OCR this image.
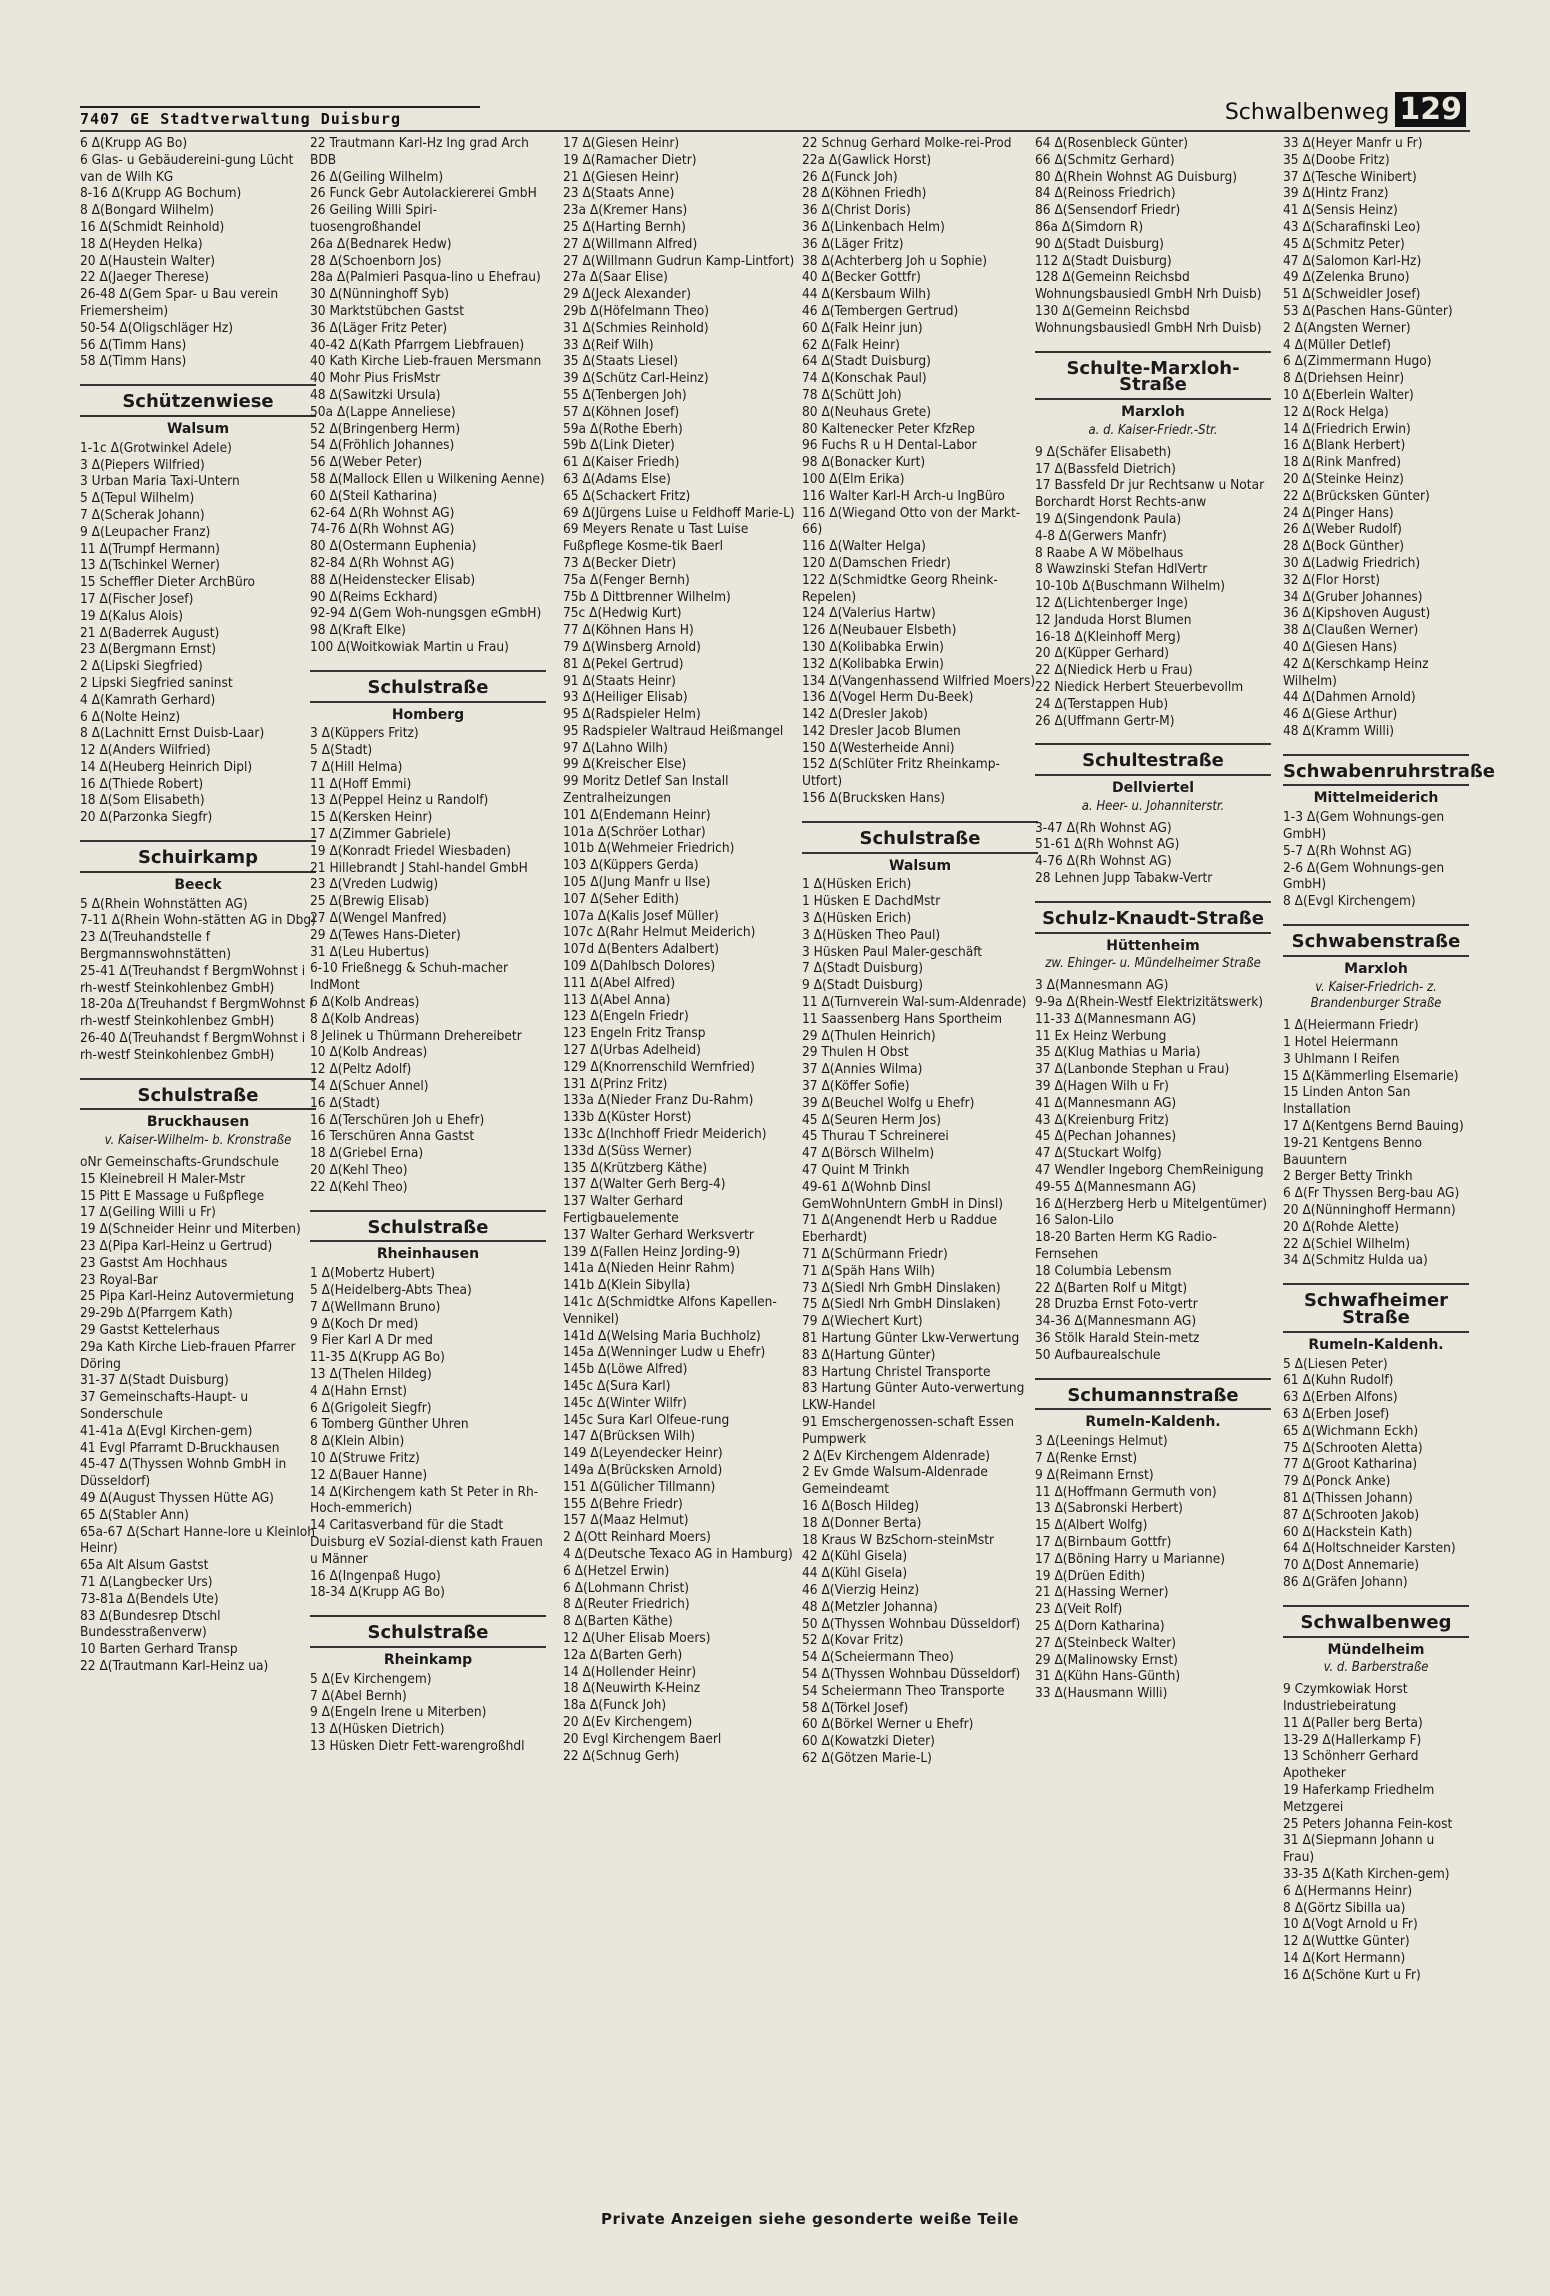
7407 GE Stadtverwaltung Duisburg	Schwalbenweg 129
6 Δ(Krupp AG Bo)
6 Glas- u Gebäudereini-gung Lücht van de Wilh KG
8-16 Δ(Krupp AG Bochum)
8 Δ(Bongard Wilhelm)
16 Δ(Schmidt Reinhold)
18 Δ(Heyden Helka)
20 Δ(Haustein Walter)
22 Δ(Jaeger Therese)
26-48 Δ(Gem Spar- u Bau verein Friemersheim)
50-54 Δ(Oligschläger Hz)
56 Δ(Timm Hans)
58 Δ(Timm Hans)
Schützenwiese
Walsum
1-1c Δ(Grotwinkel Adele)
3 Δ(Piepers Wilfried)
3 Urban Maria Taxi-Untern
5 Δ(Tepul Wilhelm)
7 Δ(Scherak Johann)
9 Δ(Leupacher Franz)
11 Δ(Trumpf Hermann)
13 Δ(Tschinkel Werner)
15 Scheffler Dieter ArchBüro
17 Δ(Fischer Josef)
19 Δ(Kalus Alois)
21 Δ(Baderrek August)
23 Δ(Bergmann Ernst)
2 Δ(Lipski Siegfried)
2 Lipski Siegfried saninst
4 Δ(Kamrath Gerhard)
6 Δ(Nolte Heinz)
8 Δ(Lachnitt Ernst Duisb-Laar)
12 Δ(Anders Wilfried)
14 Δ(Heuberg Heinrich Dipl)
16 Δ(Thiede Robert)
18 Δ(Som Elisabeth)
20 Δ(Parzonka Siegfr)
Schuirkamp
Beeck
5 Δ(Rhein Wohnstätten AG)
7-11 Δ(Rhein Wohn-stätten AG in Dbg)
23 Δ(Treuhandstelle f Bergmannswohnstätten)
25-41 Δ(Treuhandst f BergmWohnst i rh-westf Steinkohlenbez GmbH)
18-20a Δ(Treuhandst f BergmWohnst i rh-westf Steinkohlenbez GmbH)
26-40 Δ(Treuhandst f BergmWohnst i rh-westf Steinkohlenbez GmbH)
Schulstraße
Bruckhausen
v. Kaiser-Wilhelm- b. Kronstraße
oNr Gemeinschafts-Grundschule
15 Kleinebreil H Maler-Mstr
15 Pitt E Massage u Fußpflege
17 Δ(Geiling Willi u Fr)
19 Δ(Schneider Heinr und Miterben)
23 Δ(Pipa Karl-Heinz u Gertrud)
23 Gastst Am Hochhaus
23 Royal-Bar
25 Pipa Karl-Heinz Autovermietung
29-29b Δ(Pfarrgem Kath)
29 Gastst Kettelerhaus
29a Kath Kirche Lieb-frauen Pfarrer Döring
31-37 Δ(Stadt Duisburg)
37 Gemeinschafts-Haupt- u Sonderschule
41-41a Δ(Evgl Kirchen-gem)
41 Evgl Pfarramt D-Bruckhausen
45-47 Δ(Thyssen Wohnb GmbH in Düsseldorf)
49 Δ(August Thyssen Hütte AG)
65 Δ(Stabler Ann)
65a-67 Δ(Schart Hanne-lore u Kleinloh Heinr)
65a Alt Alsum Gastst
71 Δ(Langbecker Urs)
73-81a Δ(Bendels Ute)
83 Δ(Bundesrep Dtschl Bundesstraßenverw)
10 Barten Gerhard Transp
22 Δ(Trautmann Karl-Heinz ua)
22 Trautmann Karl-Hz Ing grad Arch BDB
26 Δ(Geiling Wilhelm)
26 Funck Gebr Autolackiererei GmbH
26 Geiling Willi Spiri-tuosengroßhandel
26a Δ(Bednarek Hedw)
28 Δ(Schoenborn Jos)
28a Δ(Palmieri Pasqua-lino u Ehefrau)
30 Δ(Nünninghoff Syb)
30 Marktstübchen Gastst
36 Δ(Läger Fritz Peter)
40-42 Δ(Kath Pfarrgem Liebfrauen)
40 Kath Kirche Lieb-frauen Mersmann
40 Mohr Pius FrisMstr
48 Δ(Sawitzki Ursula)
50a Δ(Lappe Anneliese)
52 Δ(Bringenberg Herm)
54 Δ(Fröhlich Johannes)
56 Δ(Weber Peter)
58 Δ(Mallock Ellen u Wilkening Aenne)
60 Δ(Steil Katharina)
62-64 Δ(Rh Wohnst AG)
74-76 Δ(Rh Wohnst AG)
80 Δ(Ostermann Euphenia)
82-84 Δ(Rh Wohnst AG)
88 Δ(Heidenstecker Elisab)
90 Δ(Reims Eckhard)
92-94 Δ(Gem Woh-nungsgen eGmbH)
98 Δ(Kraft Elke)
100 Δ(Woitkowiak Martin u Frau)
Schulstraße
Homberg
3 Δ(Küppers Fritz)
5 Δ(Stadt)
7 Δ(Hill Helma)
11 Δ(Hoff Emmi)
13 Δ(Peppel Heinz u Randolf)
15 Δ(Kersken Heinr)
17 Δ(Zimmer Gabriele)
19 Δ(Konradt Friedel Wiesbaden)
21 Hillebrandt J Stahl-handel GmbH
23 Δ(Vreden Ludwig)
25 Δ(Brewig Elisab)
27 Δ(Wengel Manfred)
29 Δ(Tewes Hans-Dieter)
31 Δ(Leu Hubertus)
6-10 Frießnegg & Schuh-macher IndMont
6 Δ(Kolb Andreas)
8 Δ(Kolb Andreas)
8 Jelinek u Thürmann Drehereibetr
10 Δ(Kolb Andreas)
12 Δ(Peltz Adolf)
14 Δ(Schuer Annel)
16 Δ(Stadt)
16 Δ(Terschüren Joh u Ehefr)
16 Terschüren Anna Gastst
18 Δ(Griebel Erna)
20 Δ(Kehl Theo)
22 Δ(Kehl Theo)
Schulstraße
Rheinhausen
1 Δ(Mobertz Hubert)
5 Δ(Heidelberg-Abts Thea)
7 Δ(Wellmann Bruno)
9 Δ(Koch Dr med)
9 Fier Karl A Dr med
11-35 Δ(Krupp AG Bo)
13 Δ(Thelen Hildeg)
4 Δ(Hahn Ernst)
6 Δ(Grigoleit Siegfr)
6 Tomberg Günther Uhren
8 Δ(Klein Albin)
10 Δ(Struwe Fritz)
12 Δ(Bauer Hanne)
14 Δ(Kirchengem kath St Peter in Rh-Hoch-emmerich)
14 Caritasverband für die Stadt Duisburg eV Sozial-dienst kath Frauen u Männer
16 Δ(Ingenpaß Hugo)
18-34 Δ(Krupp AG Bo)
Schulstraße
Rheinkamp
5 Δ(Ev Kirchengem)
7 Δ(Abel Bernh)
9 Δ(Engeln Irene u Miterben)
13 Δ(Hüsken Dietrich)
13 Hüsken Dietr Fett-warengroßhdl
17 Δ(Giesen Heinr)
19 Δ(Ramacher Dietr)
21 Δ(Giesen Heinr)
23 Δ(Staats Anne)
23a Δ(Kremer Hans)
25 Δ(Harting Bernh)
27 Δ(Willmann Alfred)
27 Δ(Willmann Gudrun Kamp-Lintfort)
27a Δ(Saar Elise)
29 Δ(Jeck Alexander)
29b Δ(Höfelmann Theo)
31 Δ(Schmies Reinhold)
33 Δ(Reif Wilh)
35 Δ(Staats Liesel)
39 Δ(Schütz Carl-Heinz)
55 Δ(Tenbergen Joh)
57 Δ(Köhnen Josef)
59a Δ(Rothe Eberh)
59b Δ(Link Dieter)
61 Δ(Kaiser Friedh)
63 Δ(Adams Else)
65 Δ(Schackert Fritz)
69 Δ(Jürgens Luise u Feldhoff Marie-L)
69 Meyers Renate u Tast Luise Fußpflege Kosme-tik Baerl
73 Δ(Becker Dietr)
75a Δ(Fenger Bernh)
75b Δ Dittbrenner Wilhelm)
75c Δ(Hedwig Kurt)
77 Δ(Köhnen Hans H)
79 Δ(Winsberg Arnold)
81 Δ(Pekel Gertrud)
91 Δ(Staats Heinr)
93 Δ(Heiliger Elisab)
95 Δ(Radspieler Helm)
95 Radspieler Waltraud Heißmangel
97 Δ(Lahno Wilh)
99 Δ(Kreischer Else)
99 Moritz Detlef San Install Zentralheizungen
101 Δ(Endemann Heinr)
101a Δ(Schröer Lothar)
101b Δ(Wehmeier Friedrich)
103 Δ(Küppers Gerda)
105 Δ(Jung Manfr u Ilse)
107 Δ(Seher Edith)
107a Δ(Kalis Josef Müller)
107c Δ(Rahr Helmut Meiderich)
107d Δ(Benters Adalbert)
109 Δ(Dahlbsch Dolores)
111 Δ(Abel Alfred)
113 Δ(Abel Anna)
123 Δ(Engeln Friedr)
123 Engeln Fritz Transp
127 Δ(Urbas Adelheid)
129 Δ(Knorrenschild Wernfried)
131 Δ(Prinz Fritz)
133a Δ(Nieder Franz Du-Rahm)
133b Δ(Küster Horst)
133c Δ(Inchhoff Friedr Meiderich)
133d Δ(Süss Werner)
135 Δ(Krützberg Käthe)
137 Δ(Walter Gerh Berg-4)
137 Walter Gerhard Fertigbauelemente
137 Walter Gerhard Werksvertr
139 Δ(Fallen Heinz Jording-9)
141a Δ(Nieden Heinr Rahm)
141b Δ(Klein Sibylla)
141c Δ(Schmidtke Alfons Kapellen-Vennikel)
141d Δ(Welsing Maria Buchholz)
145a Δ(Wenninger Ludw u Ehefr)
145b Δ(Löwe Alfred)
145c Δ(Sura Karl)
145c Δ(Winter Wilfr)
145c Sura Karl Olfeue-rung
147 Δ(Brücksen Wilh)
149 Δ(Leyendecker Heinr)
149a Δ(Brücksken Arnold)
151 Δ(Gülicher Tillmann)
155 Δ(Behre Friedr)
157 Δ(Maaz Helmut)
2 Δ(Ott Reinhard Moers)
4 Δ(Deutsche Texaco AG in Hamburg)
6 Δ(Hetzel Erwin)
6 Δ(Lohmann Christ)
8 Δ(Reuter Friedrich)
8 Δ(Barten Käthe)
12 Δ(Uher Elisab Moers)
12a Δ(Barten Gerh)
14 Δ(Hollender Heinr)
18 Δ(Neuwirth K-Heinz
18a Δ(Funck Joh)
20 Δ(Ev Kirchengem)
20 Evgl Kirchengem Baerl
22 Δ(Schnug Gerh)
22 Schnug Gerhard Molke-rei-Prod
22a Δ(Gawlick Horst)
26 Δ(Funck Joh)
28 Δ(Köhnen Friedh)
36 Δ(Christ Doris)
36 Δ(Linkenbach Helm)
36 Δ(Läger Fritz)
38 Δ(Achterberg Joh u Sophie)
40 Δ(Becker Gottfr)
44 Δ(Kersbaum Wilh)
46 Δ(Tembergen Gertrud)
60 Δ(Falk Heinr jun)
62 Δ(Falk Heinr)
64 Δ(Stadt Duisburg)
74 Δ(Konschak Paul)
78 Δ(Schütt Joh)
80 Δ(Neuhaus Grete)
80 Kaltenecker Peter KfzRep
96 Fuchs R u H Dental-Labor
98 Δ(Bonacker Kurt)
100 Δ(Elm Erika)
116 Walter Karl-H Arch-u IngBüro
116 Δ(Wiegand Otto von der Markt-66)
116 Δ(Walter Helga)
120 Δ(Damschen Friedr)
122 Δ(Schmidtke Georg Rheink-Repelen)
124 Δ(Valerius Hartw)
126 Δ(Neubauer Elsbeth)
130 Δ(Kolibabka Erwin)
132 Δ(Kolibabka Erwin)
134 Δ(Vangenhassend Wilfried Moers)
136 Δ(Vogel Herm Du-Beek)
142 Δ(Dresler Jakob)
142 Dresler Jacob Blumen
150 Δ(Westerheide Anni)
152 Δ(Schlüter Fritz Rheinkamp-Utfort)
156 Δ(Brucksken Hans)
Schulstraße
Walsum
1 Δ(Hüsken Erich)
1 Hüsken E DachdMstr
3 Δ(Hüsken Erich)
3 Δ(Hüsken Theo Paul)
3 Hüsken Paul Maler-geschäft
7 Δ(Stadt Duisburg)
9 Δ(Stadt Duisburg)
11 Δ(Turnverein Wal-sum-Aldenrade)
11 Saassenberg Hans Sportheim
29 Δ(Thulen Heinrich)
29 Thulen H Obst
37 Δ(Annies Wilma)
37 Δ(Köffer Sofie)
39 Δ(Beuchel Wolfg u Ehefr)
45 Δ(Seuren Herm Jos)
45 Thurau T Schreinerei
47 Δ(Börsch Wilhelm)
47 Quint M Trinkh
49-61 Δ(Wohnb Dinsl GemWohnUntern GmbH in Dinsl)
71 Δ(Angenendt Herb u Raddue Eberhardt)
71 Δ(Schürmann Friedr)
71 Δ(Späh Hans Wilh)
73 Δ(Siedl Nrh GmbH Dinslaken)
75 Δ(Siedl Nrh GmbH Dinslaken)
79 Δ(Wiechert Kurt)
81 Hartung Günter Lkw-Verwertung
83 Δ(Hartung Günter)
83 Hartung Christel Transporte
83 Hartung Günter Auto-verwertung LKW-Handel
91 Emschergenossen-schaft Essen Pumpwerk
2 Δ(Ev Kirchengem Aldenrade)
2 Ev Gmde Walsum-Aldenrade Gemeindeamt
16 Δ(Bosch Hildeg)
18 Δ(Donner Berta)
18 Kraus W BzSchorn-steinMstr
42 Δ(Kühl Gisela)
44 Δ(Kühl Gisela)
46 Δ(Vierzig Heinz)
48 Δ(Metzler Johanna)
50 Δ(Thyssen Wohnbau Düsseldorf)
52 Δ(Kovar Fritz)
54 Δ(Scheiermann Theo)
54 Δ(Thyssen Wohnbau Düsseldorf)
54 Scheiermann Theo Transporte
58 Δ(Törkel Josef)
60 Δ(Börkel Werner u Ehefr)
60 Δ(Kowatzki Dieter)
62 Δ(Götzen Marie-L)
64 Δ(Rosenbleck Günter)
66 Δ(Schmitz Gerhard)
80 Δ(Rhein Wohnst AG Duisburg)
84 Δ(Reinoss Friedrich)
86 Δ(Sensendorf Friedr)
86a Δ(Simdorn R)
90 Δ(Stadt Duisburg)
112 Δ(Stadt Duisburg)
128 Δ(Gemeinn Reichsbd Wohnungsbausiedl GmbH Nrh Duisb)
130 Δ(Gemeinn Reichsbd Wohnungsbausiedl GmbH Nrh Duisb)
Schulte-Marxloh-Straße
Marxloh
a. d. Kaiser-Friedr.-Str.
9 Δ(Schäfer Elisabeth)
17 Δ(Bassfeld Dietrich)
17 Bassfeld Dr jur Rechtsanw u Notar Borchardt Horst Rechts-anw
19 Δ(Singendonk Paula)
4-8 Δ(Gerwers Manfr)
8 Raabe A W Möbelhaus
8 Wawzinski Stefan HdlVertr
10-10b Δ(Buschmann Wilhelm)
12 Δ(Lichtenberger Inge)
12 Janduda Horst Blumen
16-18 Δ(Kleinhoff Merg)
20 Δ(Küpper Gerhard)
22 Δ(Niedick Herb u Frau)
22 Niedick Herbert Steuerbevollm
24 Δ(Terstappen Hub)
26 Δ(Uffmann Gertr-M)
Schultestraße
Dellviertel
a. Heer- u. Johanniterstr.
3-47 Δ(Rh Wohnst AG)
51-61 Δ(Rh Wohnst AG)
4-76 Δ(Rh Wohnst AG)
28 Lehnen Jupp Tabakw-Vertr
Schulz-Knaudt-Straße
Hüttenheim
zw. Ehinger- u. Mündelheimer Straße
3 Δ(Mannesmann AG)
9-9a Δ(Rhein-Westf Elektrizitätswerk)
11-33 Δ(Mannesmann AG)
11 Ex Heinz Werbung
35 Δ(Klug Mathias u Maria)
37 Δ(Lanbonde Stephan u Frau)
39 Δ(Hagen Wilh u Fr)
41 Δ(Mannesmann AG)
43 Δ(Kreienburg Fritz)
45 Δ(Pechan Johannes)
47 Δ(Stuckart Wolfg)
47 Wendler Ingeborg ChemReinigung
49-55 Δ(Mannesmann AG)
16 Δ(Herzberg Herb u Mitelgentümer)
16 Salon-Lilo
18-20 Barten Herm KG Radio-Fernsehen
18 Columbia Lebensm
22 Δ(Barten Rolf u Mitgt)
28 Druzba Ernst Foto-vertr
34-36 Δ(Mannesmann AG)
36 Stölk Harald Stein-metz
50 Aufbaurealschule
Schumannstraße
Rumeln-Kaldenh.
3 Δ(Leenings Helmut)
7 Δ(Renke Ernst)
9 Δ(Reimann Ernst)
11 Δ(Hoffmann Germuth von)
13 Δ(Sabronski Herbert)
15 Δ(Albert Wolfg)
17 Δ(Birnbaum Gottfr)
17 Δ(Böning Harry u Marianne)
19 Δ(Drüen Edith)
21 Δ(Hassing Werner)
23 Δ(Veit Rolf)
25 Δ(Dorn Katharina)
27 Δ(Steinbeck Walter)
29 Δ(Malinowsky Ernst)
31 Δ(Kühn Hans-Günth)
33 Δ(Hausmann Willi)
33 Δ(Heyer Manfr u Fr)
35 Δ(Doobe Fritz)
37 Δ(Tesche Winibert)
39 Δ(Hintz Franz)
41 Δ(Sensis Heinz)
43 Δ(Scharafinski Leo)
45 Δ(Schmitz Peter)
47 Δ(Salomon Karl-Hz)
49 Δ(Zelenka Bruno)
51 Δ(Schweidler Josef)
53 Δ(Paschen Hans-Günter)
2 Δ(Angsten Werner)
4 Δ(Müller Detlef)
6 Δ(Zimmermann Hugo)
8 Δ(Driehsen Heinr)
10 Δ(Eberlein Walter)
12 Δ(Rock Helga)
14 Δ(Friedrich Erwin)
16 Δ(Blank Herbert)
18 Δ(Rink Manfred)
20 Δ(Steinke Heinz)
22 Δ(Brücksken Günter)
24 Δ(Pinger Hans)
26 Δ(Weber Rudolf)
28 Δ(Bock Günther)
30 Δ(Ladwig Friedrich)
32 Δ(Flor Horst)
34 Δ(Gruber Johannes)
36 Δ(Kipshoven August)
38 Δ(Claußen Werner)
40 Δ(Giesen Hans)
42 Δ(Kerschkamp Heinz Wilhelm)
44 Δ(Dahmen Arnold)
46 Δ(Giese Arthur)
48 Δ(Kramm Willi)
Schwabenruhrstraße
Mittelmeiderich
1-3 Δ(Gem Wohnungs-gen GmbH)
5-7 Δ(Rh Wohnst AG)
2-6 Δ(Gem Wohnungs-gen GmbH)
8 Δ(Evgl Kirchengem)
Schwabenstraße
Marxloh
v. Kaiser-Friedrich- z. Brandenburger Straße
1 Δ(Heiermann Friedr)
1 Hotel Heiermann
3 Uhlmann I Reifen
15 Δ(Kämmerling Elsemarie)
15 Linden Anton San Installation
17 Δ(Kentgens Bernd Bauing)
19-21 Kentgens Benno Bauuntern
2 Berger Betty Trinkh
6 Δ(Fr Thyssen Berg-bau AG)
20 Δ(Nünninghoff Hermann)
20 Δ(Rohde Alette)
22 Δ(Schiel Wilhelm)
34 Δ(Schmitz Hulda ua)
Schwafheimer Straße
Rumeln-Kaldenh.
5 Δ(Liesen Peter)
61 Δ(Kuhn Rudolf)
63 Δ(Erben Alfons)
63 Δ(Erben Josef)
65 Δ(Wichmann Eckh)
75 Δ(Schrooten Aletta)
77 Δ(Groot Katharina)
79 Δ(Ponck Anke)
81 Δ(Thissen Johann)
87 Δ(Schrooten Jakob)
60 Δ(Hackstein Kath)
64 Δ(Holtschneider Karsten)
70 Δ(Dost Annemarie)
86 Δ(Gräfen Johann)
Schwalbenweg
Mündelheim
v. d. Barberstraße
9 Czymkowiak Horst Industriebeiratung
11 Δ(Paller berg Berta)
13-29 Δ(Hallerkamp F)
13 Schönherr Gerhard Apotheker
19 Haferkamp Friedhelm Metzgerei
25 Peters Johanna Fein-kost
31 Δ(Siepmann Johann u Frau)
33-35 Δ(Kath Kirchen-gem)
6 Δ(Hermanns Heinr)
8 Δ(Görtz Sibilla ua)
10 Δ(Vogt Arnold u Fr)
12 Δ(Wuttke Günter)
14 Δ(Kort Hermann)
16 Δ(Schöne Kurt u Fr)
Private Anzeigen siehe gesonderte weiße Teile
